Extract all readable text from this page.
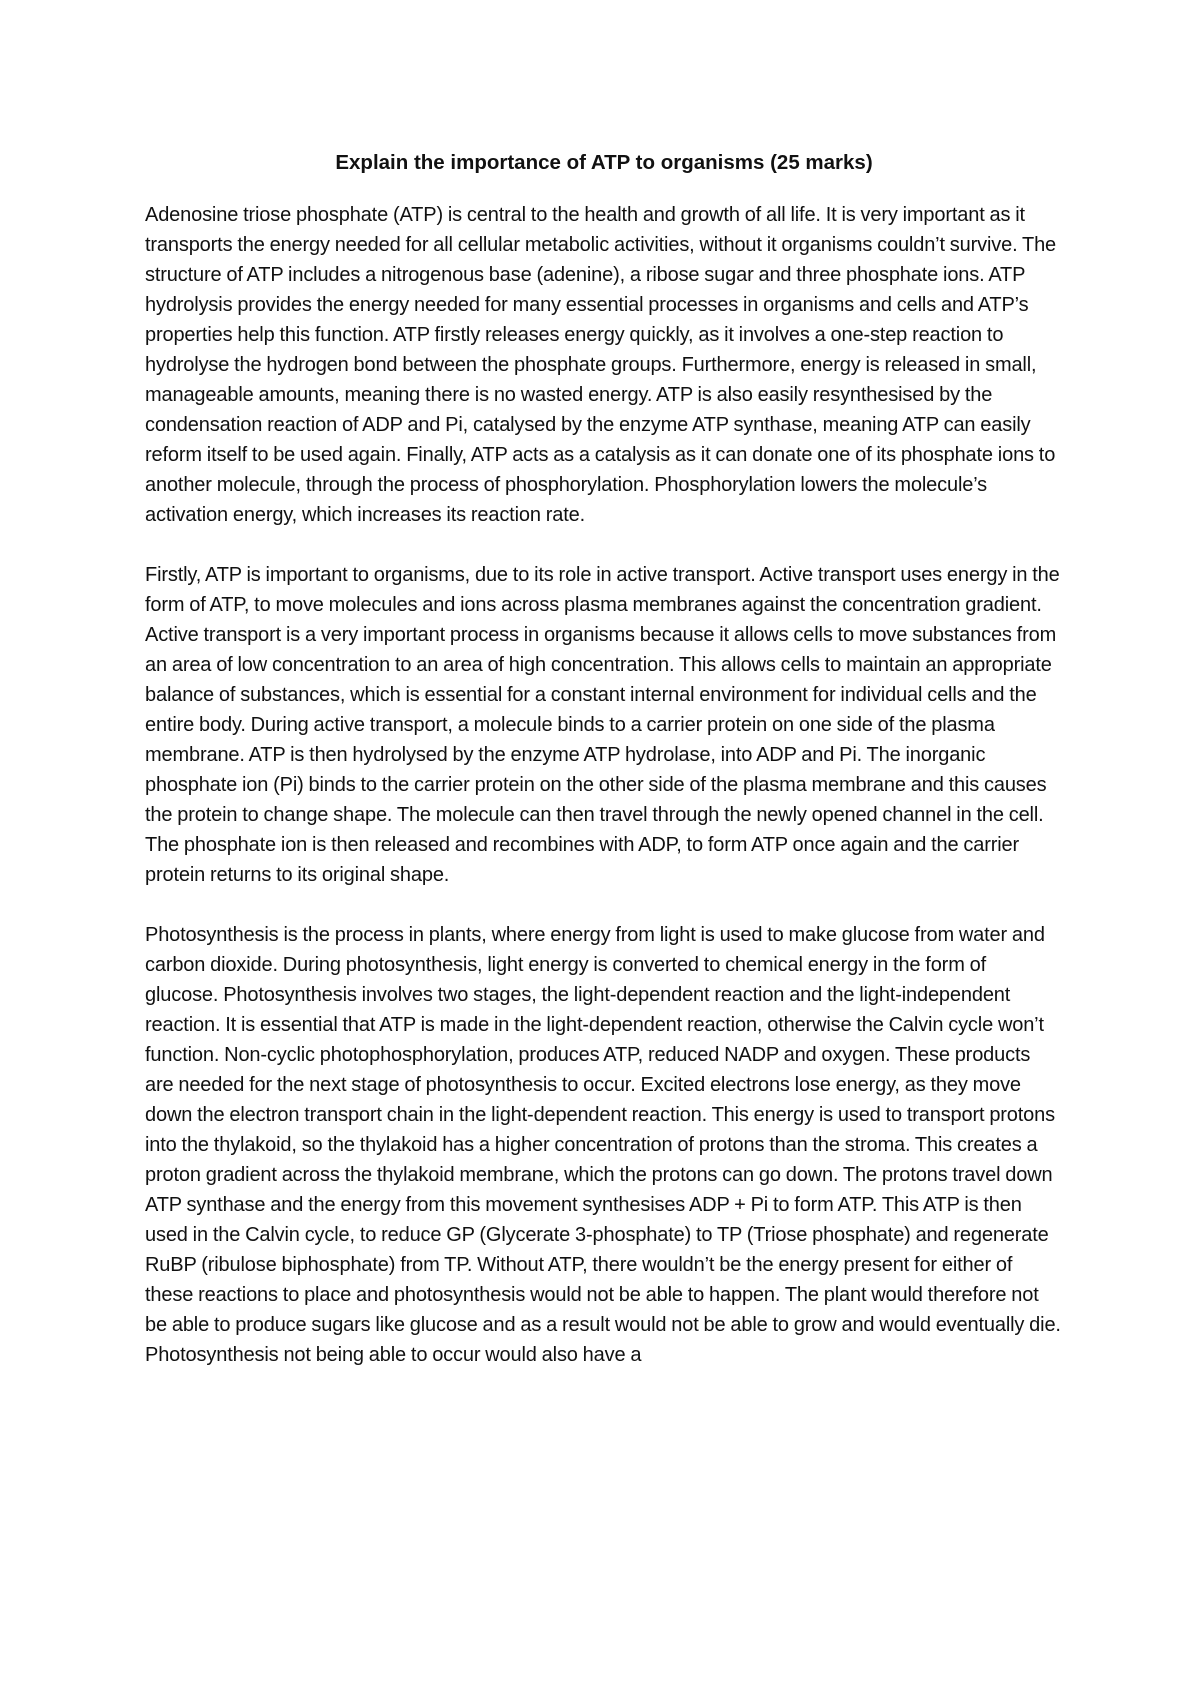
Explain the importance of ATP to organisms (25 marks)

Adenosine triose phosphate (ATP) is central to the health and growth of all life. It is very important as it transports the energy needed for all cellular metabolic activities, without it organisms couldn’t survive. The structure of ATP includes a nitrogenous base (adenine), a ribose sugar and three phosphate ions. ATP hydrolysis provides the energy needed for many essential processes in organisms and cells and ATP’s properties help this function. ATP firstly releases energy quickly, as it involves a one-step reaction to hydrolyse the hydrogen bond between the phosphate groups. Furthermore, energy is released in small, manageable amounts, meaning there is no wasted energy. ATP is also easily resynthesised by the condensation reaction of ADP and Pi, catalysed by the enzyme ATP synthase, meaning ATP can easily reform itself to be used again. Finally, ATP acts as a catalysis as it can donate one of its phosphate ions to another molecule, through the process of phosphorylation. Phosphorylation lowers the molecule’s activation energy, which increases its reaction rate.

Firstly, ATP is important to organisms, due to its role in active transport. Active transport uses energy in the form of ATP, to move molecules and ions across plasma membranes against the concentration gradient. Active transport is a very important process in organisms because it allows cells to move substances from an area of low concentration to an area of high concentration. This allows cells to maintain an appropriate balance of substances, which is essential for a constant internal environment for individual cells and the entire body. During active transport, a molecule binds to a carrier protein on one side of the plasma membrane. ATP is then hydrolysed by the enzyme ATP hydrolase, into ADP and Pi. The inorganic phosphate ion (Pi) binds to the carrier protein on the other side of the plasma membrane and this causes the protein to change shape. The molecule can then travel through the newly opened channel in the cell. The phosphate ion is then released and recombines with ADP, to form ATP once again and the carrier protein returns to its original shape.

Photosynthesis is the process in plants, where energy from light is used to make glucose from water and carbon dioxide. During photosynthesis, light energy is converted to chemical energy in the form of glucose. Photosynthesis involves two stages, the light-dependent reaction and the light-independent reaction. It is essential that ATP is made in the light-dependent reaction, otherwise the Calvin cycle won’t function. Non-cyclic photophosphorylation, produces ATP, reduced NADP and oxygen. These products are needed for the next stage of photosynthesis to occur. Excited electrons lose energy, as they move down the electron transport chain in the light-dependent reaction. This energy is used to transport protons into the thylakoid, so the thylakoid has a higher concentration of protons than the stroma. This creates a proton gradient across the thylakoid membrane, which the protons can go down. The protons travel down ATP synthase and the energy from this movement synthesises ADP + Pi to form ATP. This ATP is then used in the Calvin cycle, to reduce GP (Glycerate 3-phosphate) to TP (Triose phosphate) and regenerate RuBP (ribulose biphosphate) from TP. Without ATP, there wouldn’t be the energy present for either of these reactions to place and photosynthesis would not be able to happen. The plant would therefore not be able to produce sugars like glucose and as a result would not be able to grow and would eventually die. Photosynthesis not being able to occur would also have a
